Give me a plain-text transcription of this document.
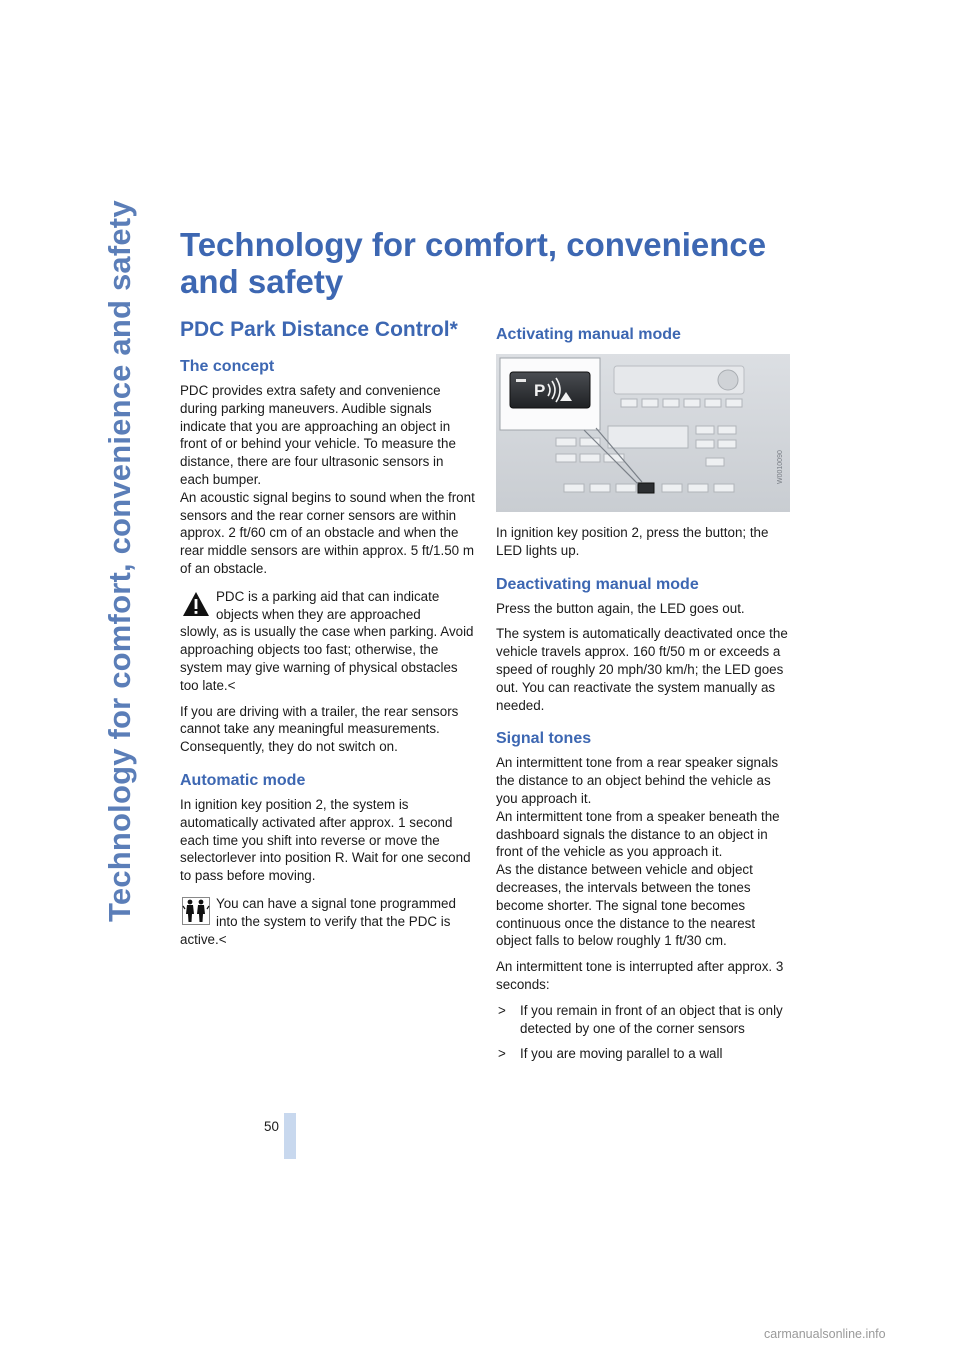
Technology for comfort, convenience and safety Technology for comfort, convenience and safety
PDC Park Distance Control*
The concept

PDC provides extra safety and convenience during parking maneuvers. Audible signals indicate that you are approaching an object in front of or behind your vehicle. To measure the distance, there are four ultrasonic sensors in each bumper.

An acoustic signal begins to sound when the front sensors and the rear corner sensors are within approx. 2 ft/60 cm of an obstacle and when the rear middle sensors are within approx. 5 ft/1.50 m of an obstacle.

PDC is a parking aid that can indicate objects when they are approached

slowly, as is usually the case when parking. Avoid approaching objects too fast; otherwise, the system may give warning of physical obstacles too late.<

If you are driving with a trailer, the rear sensors cannot take any meaningful measurements. Consequently, they do not switch on.

Automatic mode

In ignition key position 2, the system is automatically activated after approx. 1 second each time you shift into reverse or move the selectorlever into position R. Wait for one second to pass before moving.

You can have a signal tone programmed into the system to verify that the PDC is

active.<

Activating manual mode
P
W0010090

In ignition key position 2, press the button; the LED lights up.

Deactivating manual mode

Press the button again, the LED goes out.

The system is automatically deactivated once the vehicle travels approx. 160 ft/50 m or exceeds a speed of roughly 20 mph/30 km/h; the LED goes out. You can reactivate the system manually as needed.

Signal tones

An intermittent tone from a rear speaker signals the distance to an object behind the vehicle as you approach it.

An intermittent tone from a speaker beneath the dashboard signals the distance to an object in front of the vehicle as you approach it.

As the distance between vehicle and object decreases, the intervals between the tones become shorter. The signal tone becomes continuous once the distance to the nearest object falls to below roughly 1 ft/30 cm.

An intermittent tone is interrupted after approx. 3 seconds:

> If you remain in front of an object that is only detected by one of the corner sensors

> If you are moving parallel to a wall

50
carmanualsonline.info
